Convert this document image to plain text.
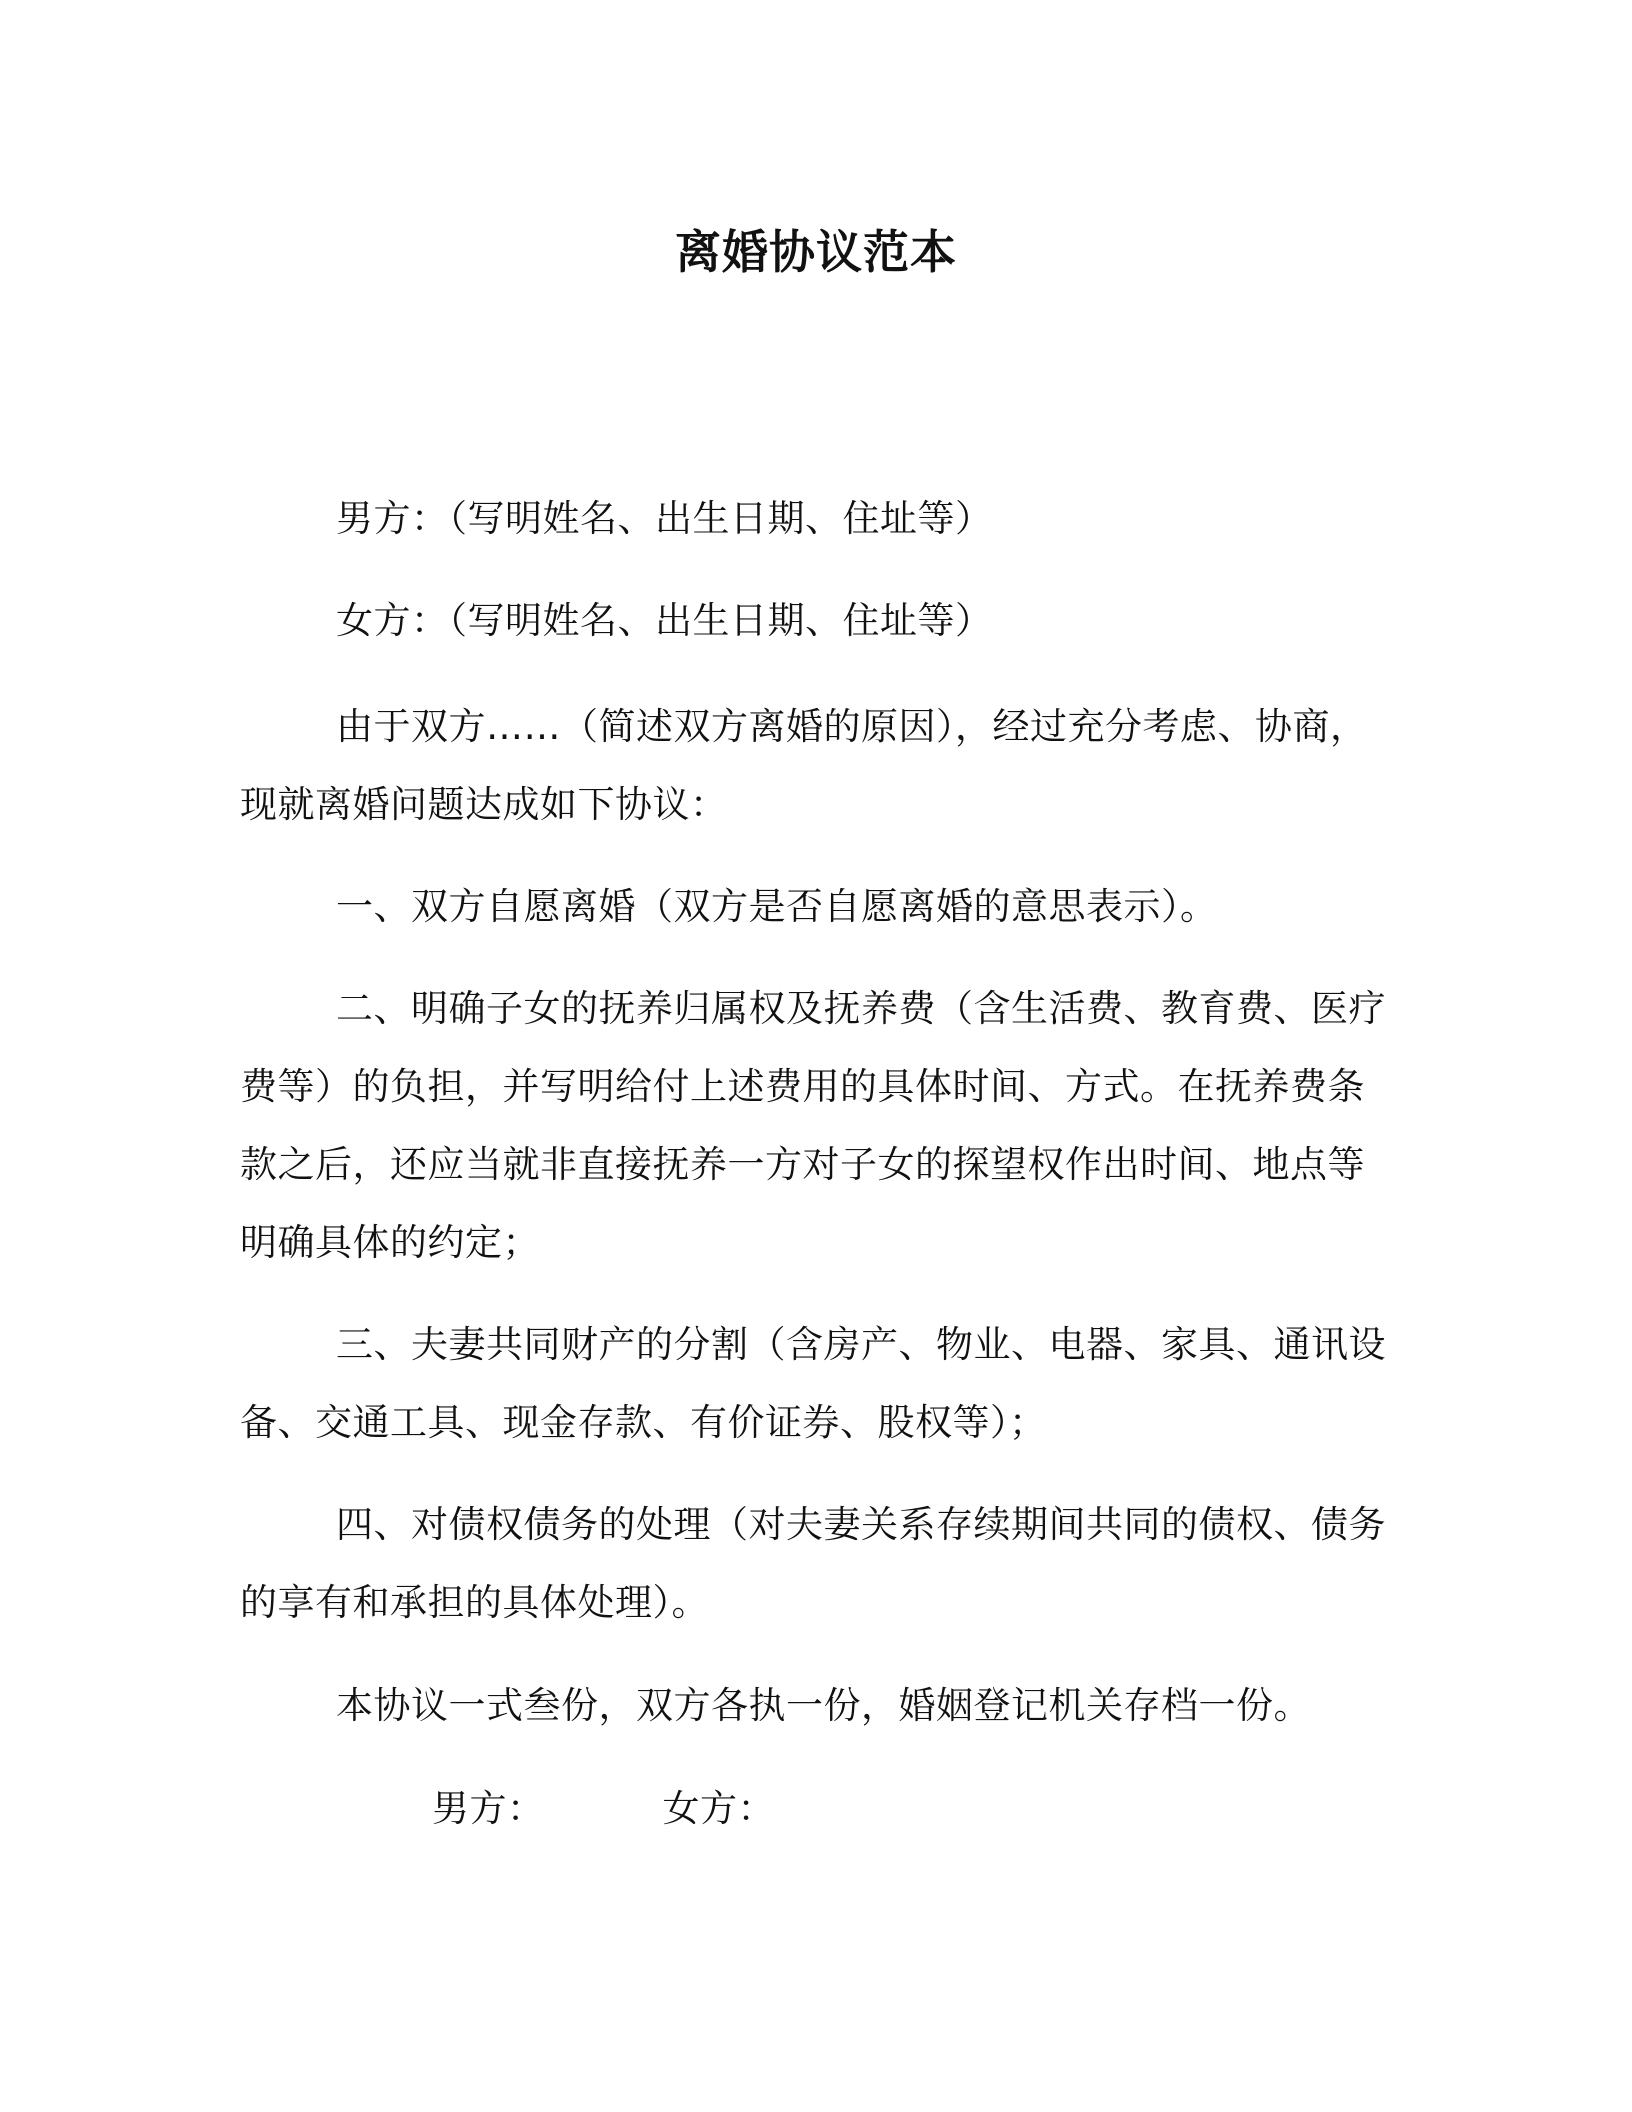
离婚协议范本

男方：（写明姓名、出生日期、住址等）

女方：（写明姓名、出生日期、住址等）

由于双方……（简述双方离婚的原因），经过充分考虑、协商，现就离婚问题达成如下协议：

一、双方自愿离婚（双方是否自愿离婚的意思表示）。

二、明确子女的抚养归属权及抚养费（含生活费、教育费、医疗费等）的负担，并写明给付上述费用的具体时间、方式。在抚养费条款之后，还应当就非直接抚养一方对子女的探望权作出时间、地点等明确具体的约定；

三、夫妻共同财产的分割（含房产、物业、电器、家具、通讯设备、交通工具、现金存款、有价证券、股权等）；

四、对债权债务的处理（对夫妻关系存续期间共同的债权、债务的享有和承担的具体处理）。

本协议一式叁份，双方各执一份，婚姻登记机关存档一份。

男方：	女方：
